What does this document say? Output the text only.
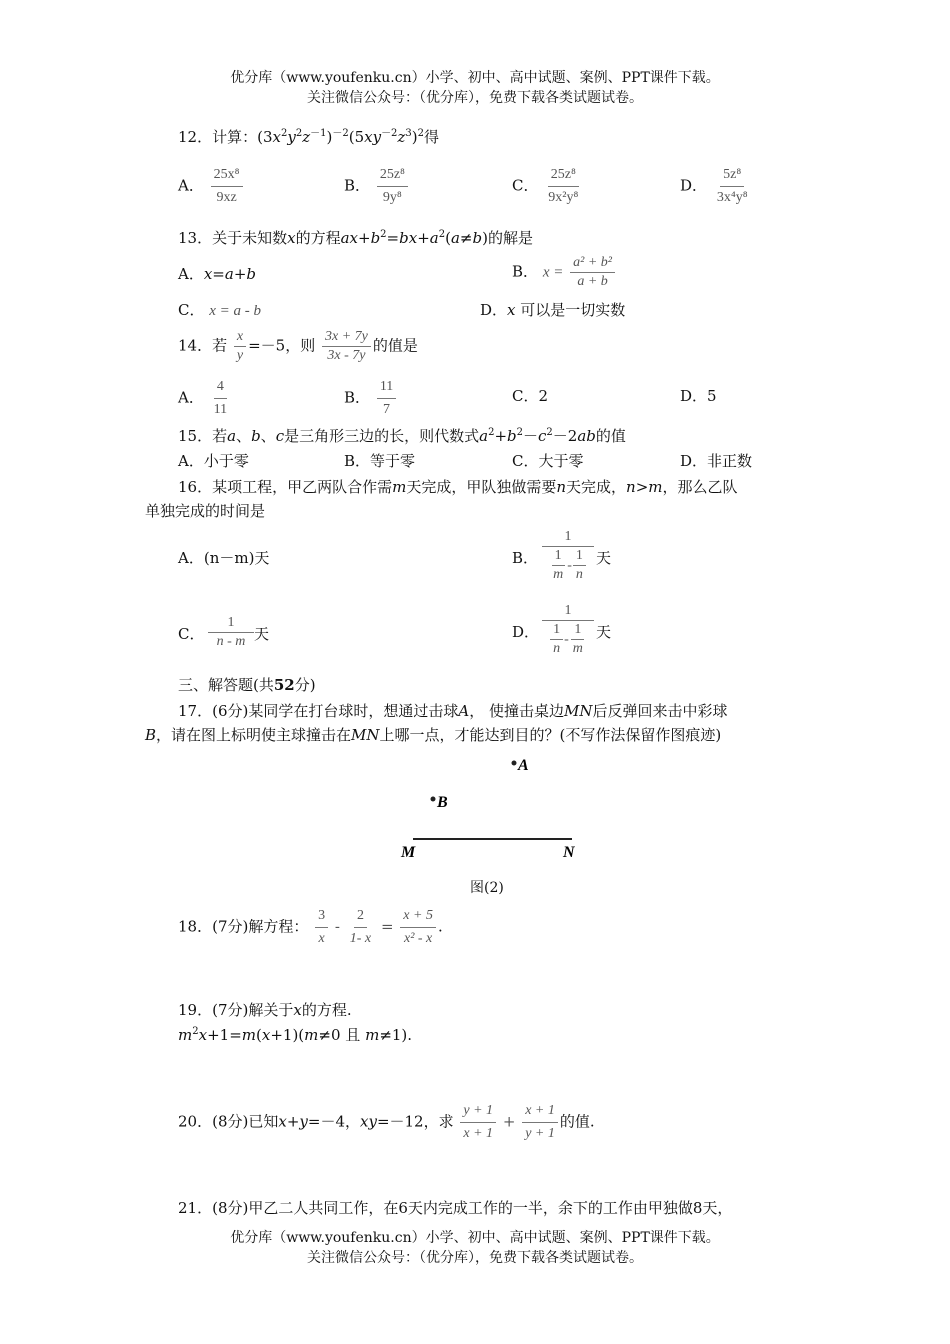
优分库（www.youfenku.cn）小学、初中、高中试题、案例、PPT课件下载。
关注微信公众号：（优分库），免费下载各类试题试卷。
12．计算：$(3x^2y^2z^{-1})^{-2}(5xy^{-2}z^3)^2$得
A． $\frac{\text{25x⁸}}{9xz}$	B． $\frac{\text{25z⁸}}{\text{9y⁸}}$	C． $\frac{\text{25z⁸}}{\text{9x²y⁸}}$	D． $\frac{\text{5z⁸}}{\text{3x⁴y⁸}}$
13．关于未知数x的方程$ax+b^2=bx+a^2(a\ne b)$的解是
A．x=a+b	B． $x = \frac{\text{a² + b²}}{a + b}$
C． x = a - b	D．x 可以是一切实数
14．若 $\frac{x}{y} =-5$，则 $\frac{3x + 7y}{3x - 7y}$ 的值是
A． $\frac{4}{11}$	B． $\frac{11}{7}$	C．2	D．5
15．若a、b、c是三角形三边的长，则代数式$a^2+b^2-c^2-2ab$的值
A．小于零	B．等于零	C．大于零	D．非正数
16．某项工程，甲乙两队合作需m天完成，甲队独做需要n天完成，n>m，那么乙队
单独完成的时间是
A．(n－m)天	B． $\frac{1}{\frac{1}{m} - \frac{1}{n}}$ 天
C． $\frac{1}{n - m}$ 天	D． $\frac{1}{\frac{1}{n} - \frac{1}{m}}$ 天
三、解答题(共52分)
17．(6分)某同学在打台球时，想通过击球A， 使撞击桌边MN后反弹回来击中彩球
B，请在图上标明使主球撞击在MN上哪一点，才能达到目的？(不写作法保留作图痕迹)
A
B
M	N
图(2)
18．(7分)解方程： $\frac{3}{x} - \frac{2}{1- x} = \frac{x + 5}{\text{x² - x}}$ .
19．(7分)解关于x的方程.
$m^2x+1=m(x+1)(m\ne 0$ 且 m≠1).
20．(8分)已知x+y=－4，xy=－12，求 $\frac{y + 1}{x + 1} + \frac{x + 1}{y + 1}$ 的值.
21．(8分)甲乙二人共同工作，在6天内完成工作的一半，余下的工作由甲独做8天，
优分库（www.youfenku.cn）小学、初中、高中试题、案例、PPT课件下载。
关注微信公众号：（优分库），免费下载各类试题试卷。
